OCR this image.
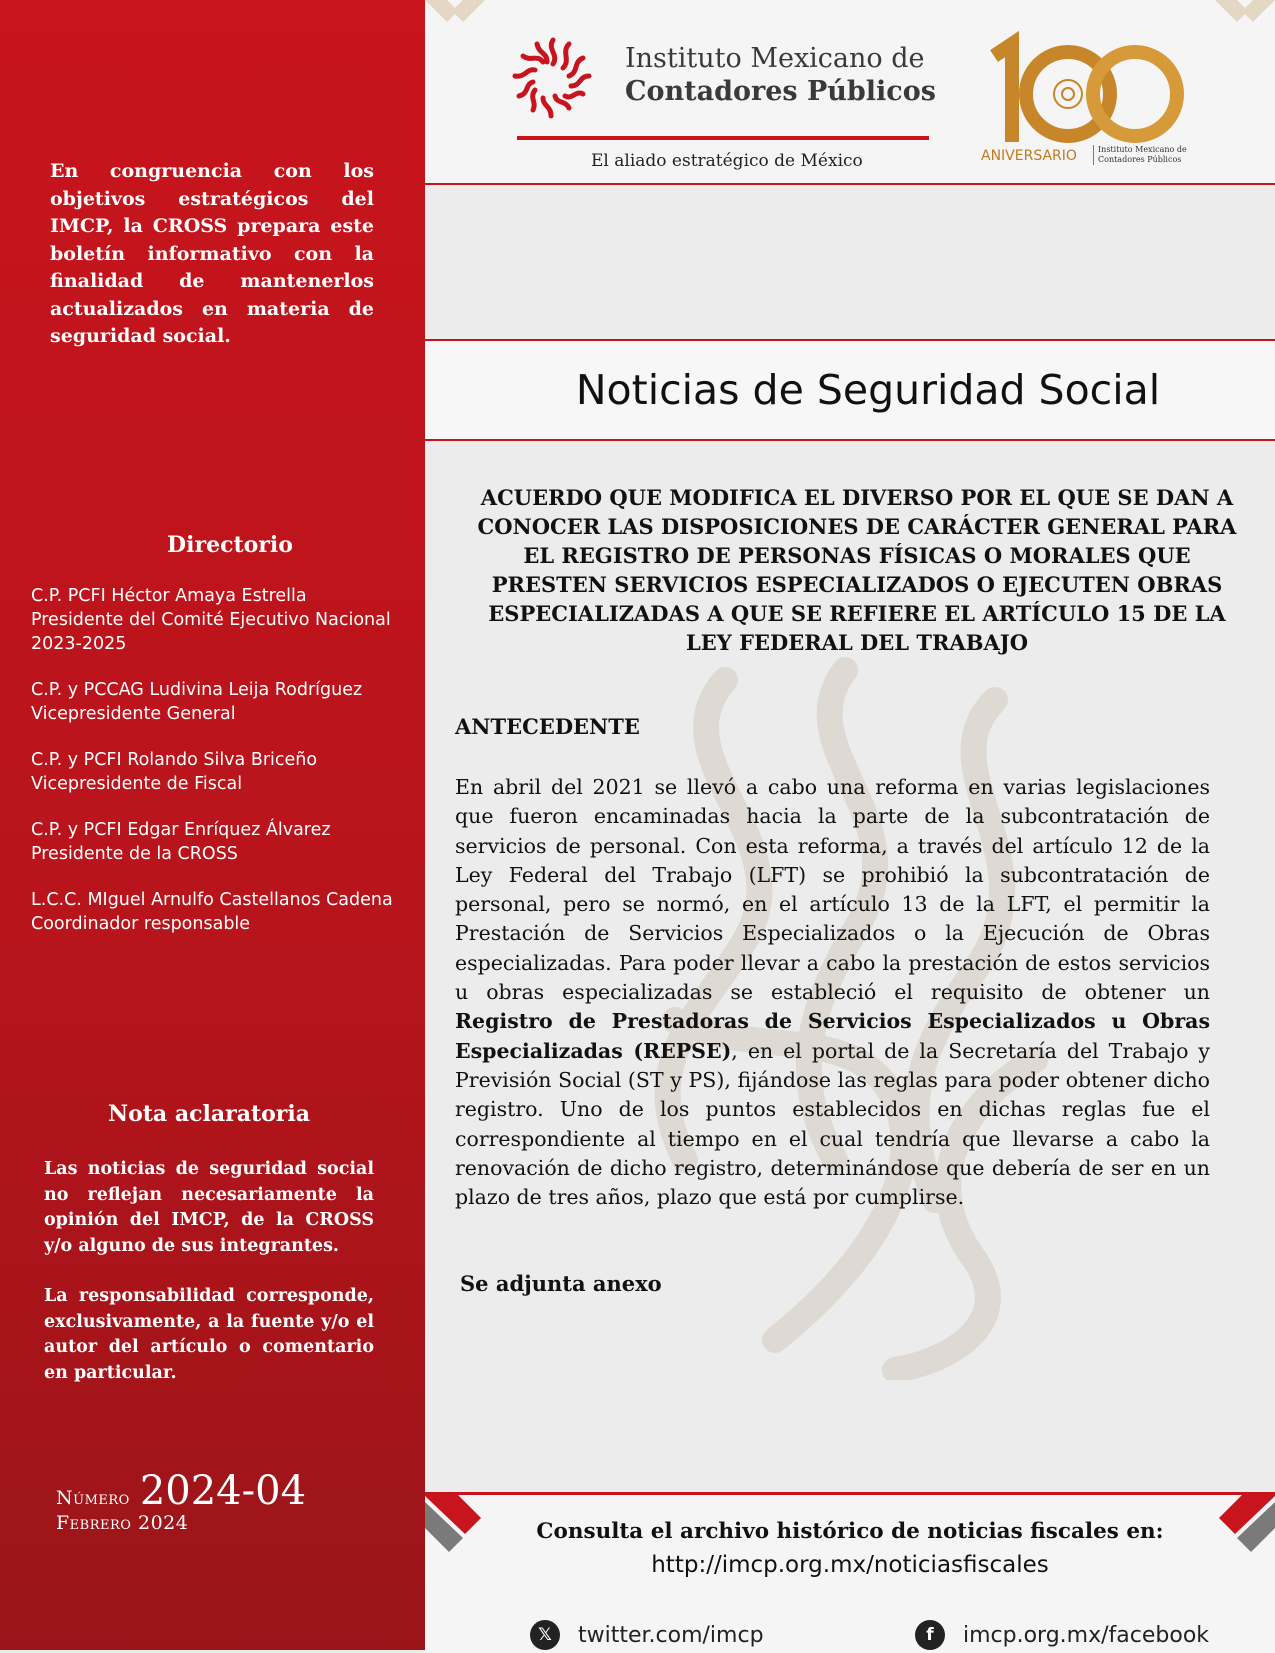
En congruencia con los objetivos estratégicos del IMCP, la CROSS prepara este boletín informativo con la finalidad de mantenerlos actualizados en materia de seguridad social.
Directorio
C.P. PCFI Héctor Amaya Estrella
Presidente del Comité Ejecutivo Nacional
2023-2025
C.P. y PCCAG Ludivina Leija Rodríguez
Vicepresidente General
C.P. y PCFI Rolando Silva Briceño
Vicepresidente de Fiscal
C.P. y PCFI Edgar Enríquez Álvarez
Presidente de la CROSS
L.C.C. MIguel Arnulfo Castellanos Cadena
Coordinador responsable
Nota aclaratoria

Las noticias de seguridad social no reflejan necesariamente la opinión del IMCP, de la CROSS y/o alguno de sus integrantes.

La responsabilidad corresponde, exclusivamente, a la fuente y/o el autor del artículo o comentario en particular.

Número 2024-04
Febrero 2024
Instituto Mexicano de
Contadores Públicos
El aliado estratégico de México	ANIVERSARIO	Instituto Mexicano de
Contadores Públicos
Noticias de Seguridad Social
ACUERDO QUE MODIFICA EL DIVERSO POR EL QUE SE DAN A CONOCER LAS DISPOSICIONES DE CARÁCTER GENERAL PARA EL REGISTRO DE PERSONAS FÍSICAS O MORALES QUE PRESTEN SERVICIOS ESPECIALIZADOS O EJECUTEN OBRAS ESPECIALIZADAS A QUE SE REFIERE EL ARTÍCULO 15 DE LA LEY FEDERAL DEL TRABAJO
ANTECEDENTE
En abril del 2021 se llevó a cabo una reforma en varias legislaciones que fueron encaminadas hacia la parte de la subcontratación de servicios de personal. Con esta reforma, a través del artículo 12 de la Ley Federal del Trabajo (LFT) se prohibió la subcontratación de personal, pero se normó, en el artículo 13 de la LFT, el permitir la Prestación de Servicios Especializados o la Ejecución de Obras especializadas. Para poder llevar a cabo la prestación de estos servicios u obras especializadas se estableció el requisito de obtener un Registro de Prestadoras de Servicios Especializados u Obras Especializadas (REPSE), en el portal de la Secretaría del Trabajo y Previsión Social (ST y PS), fijándose las reglas para poder obtener dicho registro. Uno de los puntos establecidos en dichas reglas fue el correspondiente al tiempo en el cual tendría que llevarse a cabo la renovación de dicho registro, determinándose que debería de ser en un plazo de tres años, plazo que está por cumplirse.
Se adjunta anexo
Consulta el archivo histórico de noticias fiscales en:
http://imcp.org.mx/noticiasfiscales
𝕏	twitter.com/imcp	f	imcp.org.mx/facebook
